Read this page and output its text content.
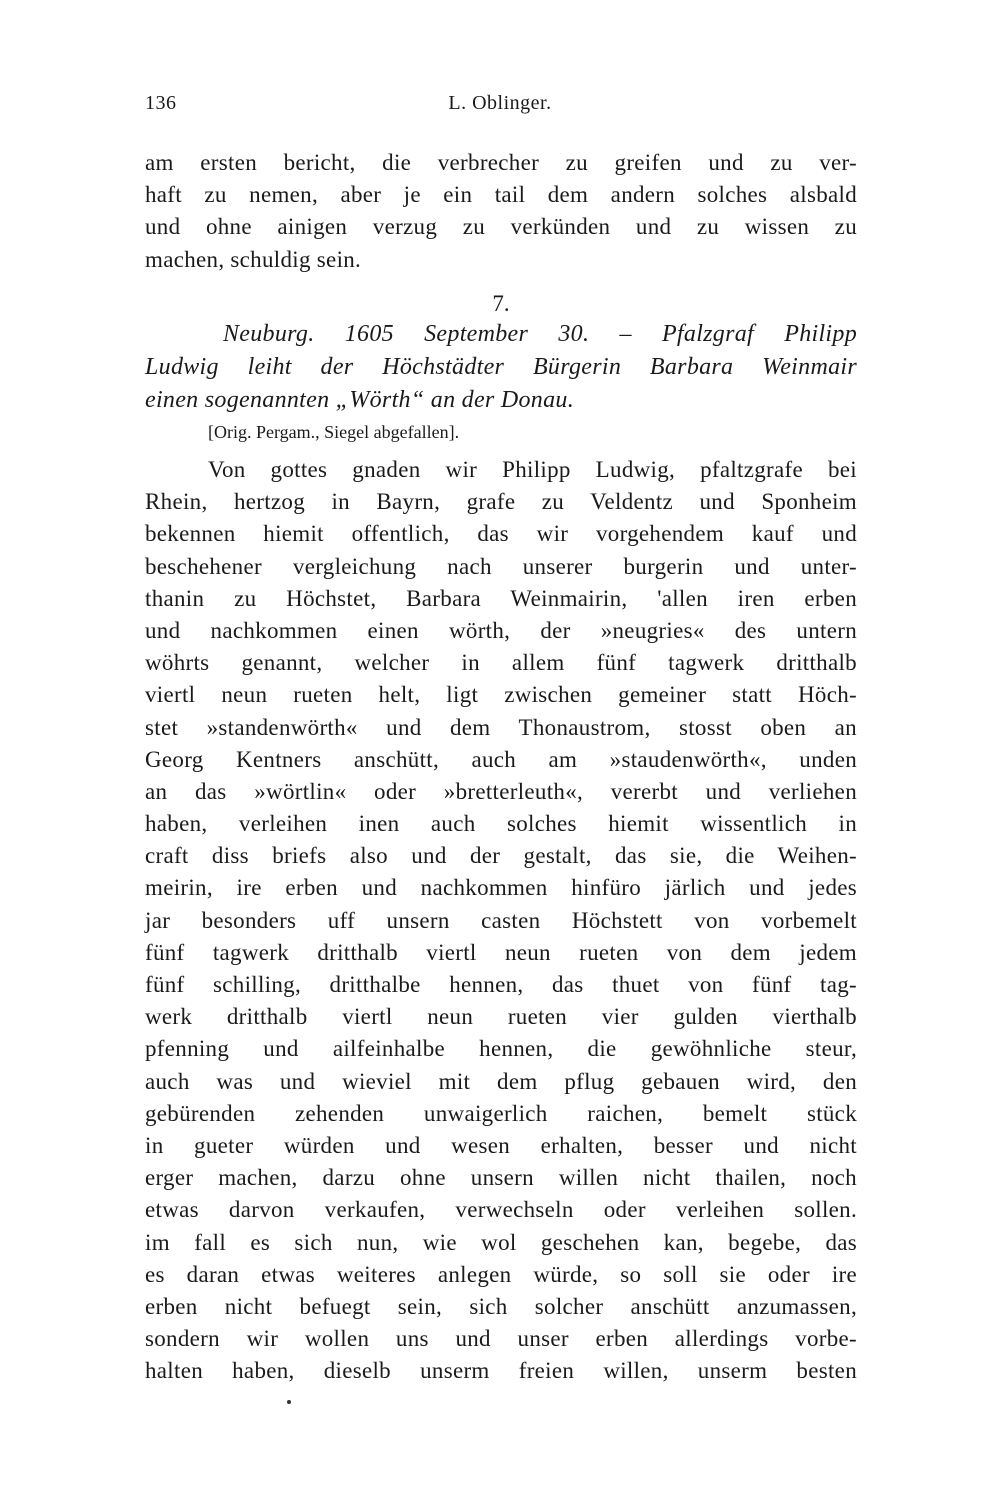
136	L. Oblinger.
am ersten bericht, die verbrecher zu greifen und zu ver-
haft zu nemen, aber je ein tail dem andern solches alsbald
und ohne ainigen verzug zu verkünden und zu wissen zu
machen, schuldig sein.
7.
Neuburg. 1605 September 30. – Pfalzgraf Philipp
Ludwig leiht der Höchstädter Bürgerin Barbara Weinmair
einen sogenannten „Wörth“ an der Donau.
[Orig. Pergam., Siegel abgefallen].
Von gottes gnaden wir Philipp Ludwig, pfaltzgrafe bei
Rhein, hertzog in Bayrn, grafe zu Veldentz und Sponheim
bekennen hiemit offentlich, das wir vorgehendem kauf und
beschehener vergleichung nach unserer burgerin und unter-
thanin zu Höchstet, Barbara Weinmairin, 'allen iren erben
und nachkommen einen wörth, der »neugries« des untern
wöhrts genannt, welcher in allem fünf tagwerk dritthalb
viertl neun rueten helt, ligt zwischen gemeiner statt Höch-
stet »standenwörth« und dem Thonaustrom, stosst oben an
Georg Kentners anschütt, auch am »staudenwörth«, unden
an das »wörtlin« oder »bretterleuth«, vererbt und verliehen
haben, verleihen inen auch solches hiemit wissentlich in
craft diss briefs also und der gestalt, das sie, die Weihen-
meirin, ire erben und nachkommen hinfüro järlich und jedes
jar besonders uff unsern casten Höchstett von vorbemelt
fünf tagwerk dritthalb viertl neun rueten von dem jedem
fünf schilling, dritthalbe hennen, das thuet von fünf tag-
werk dritthalb viertl neun rueten vier gulden vierthalb
pfenning und ailfeinhalbe hennen, die gewöhnliche steur,
auch was und wieviel mit dem pflug gebauen wird, den
gebürenden zehenden unwaigerlich raichen, bemelt stück
in gueter würden und wesen erhalten, besser und nicht
erger machen, darzu ohne unsern willen nicht thailen, noch
etwas darvon verkaufen, verwechseln oder verleihen sollen.
im fall es sich nun, wie wol geschehen kan, begebe, das
es daran etwas weiteres anlegen würde, so soll sie oder ire
erben nicht befuegt sein, sich solcher anschütt anzumassen,
sondern wir wollen uns und unser erben allerdings vorbe-
halten haben, dieselb unserm freien willen, unserm besten
